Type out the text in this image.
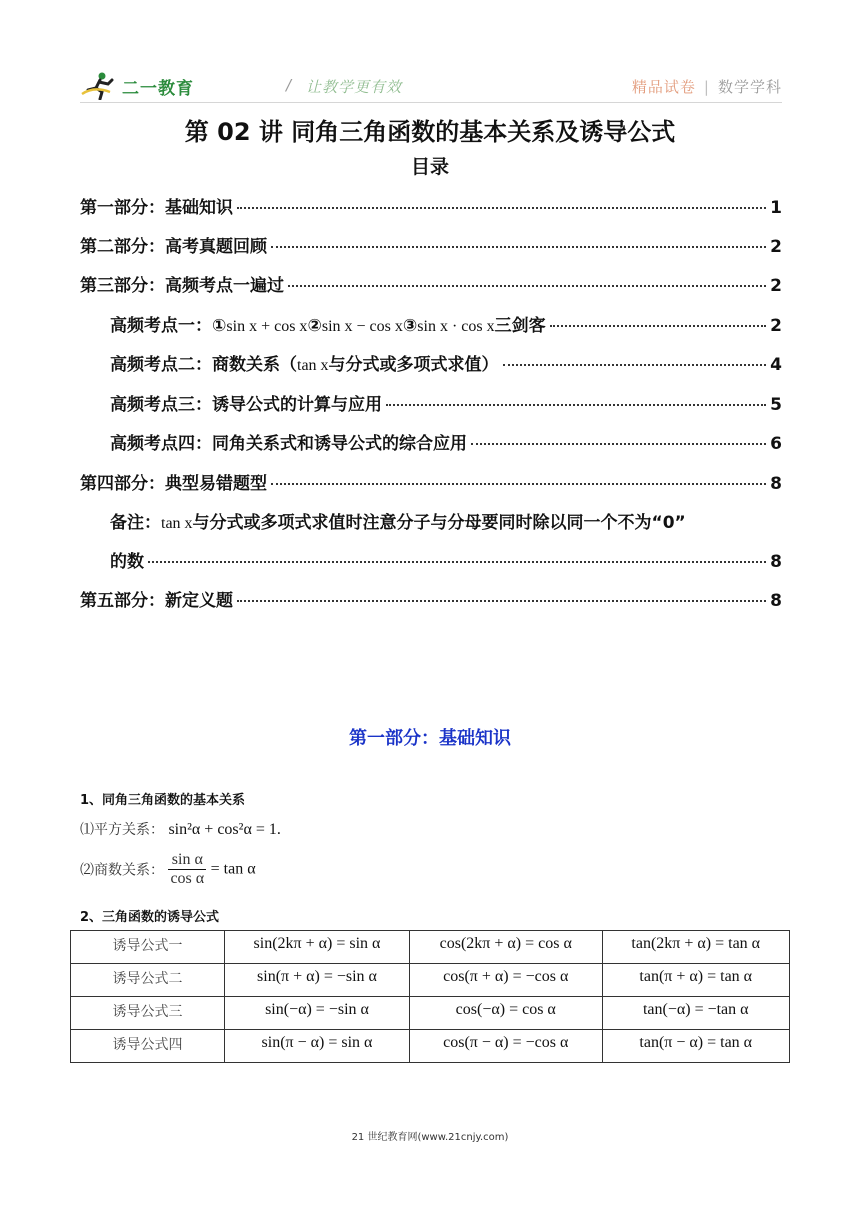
二一教育	/ 让教学更有效	精品试卷 | 数学学科
第 02 讲 同角三角函数的基本关系及诱导公式
目录
第一部分：基础知识	1
第二部分：高考真题回顾	2
第三部分：高频考点一遍过	2
高频考点一：①sin x + cos x②sin x − cos x③sin x · cos x三剑客	2
高频考点二：商数关系（tan x与分式或多项式求值）	4
高频考点三：诱导公式的计算与应用	5
高频考点四：同角关系式和诱导公式的综合应用	6
第四部分：典型易错题型	8
备注：tan x与分式或多项式求值时注意分子与分母要同时除以同一个不为“0”
的数	8
第五部分：新定义题	8
第一部分：基础知识
1、同角三角函数的基本关系
⑴平方关系： sin²α + cos²α = 1.
⑵商数关系： $\frac{\text{sin α}}{\text{cos α}} = \tan \alpha$
2、三角函数的诱导公式
诱导公式一	sin(2kπ + α) = sin α	cos(2kπ + α) = cos α	tan(2kπ + α) = tan α
诱导公式二	sin(π + α) = −sin α	cos(π + α) = −cos α	tan(π + α) = tan α
诱导公式三	sin(−α) = −sin α	cos(−α) = cos α	tan(−α) = −tan α
诱导公式四	sin(π − α) = sin α	cos(π − α) = −cos α	tan(π − α) = tan α
21 世纪教育网(www.21cnjy.com)
